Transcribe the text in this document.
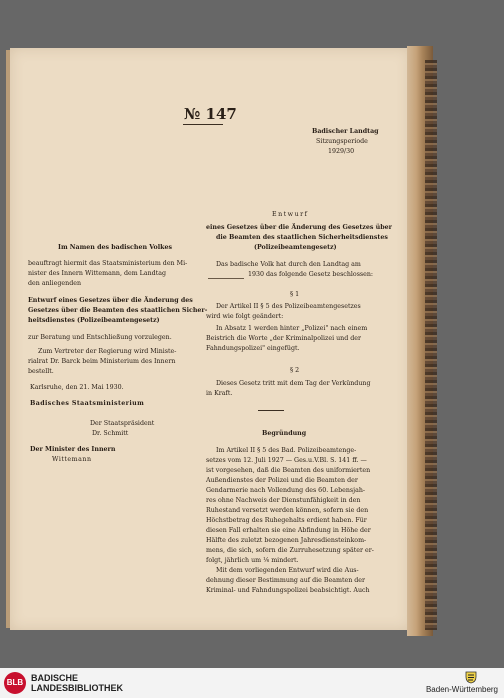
№ 147
Badischer Landtag
Sitzungsperiode
1929/30
Im Namen des badischen Volkes
beauftragt hiermit das Staatsministerium den Mi-
nister des Innern Wittemann, dem Landtag
den anliegenden
Entwurf eines Gesetzes über die Änderung des
Gesetzes über die Beamten des staatlichen Sicher-
heitsdienstes (Polizeibeamtengesetz)
zur Beratung und Entschließung vorzulegen.
Zum Vertreter der Regierung wird Ministe-
rialrat Dr. Barck beim Ministerium des Innern
bestellt.
Karlsruhe, den 21. Mai 1930.
Badisches Staatsministerium
Der Staatspräsident
Dr. Schmitt
Der Minister des Innern
Wittemann
Entwurf
eines Gesetzes über die Änderung des Gesetzes über
die Beamten des staatlichen Sicherheitsdienstes
(Polizeibeamtengesetz)
Das badische Volk hat durch den Landtag am
1930 das folgende Gesetz beschlossen:
§ 1
Der Artikel II § 5 des Polizeibeamtengesetzes
wird wie folgt geändert:
In Absatz 1 werden hinter „Polizei" nach einem
Beistrich die Worte „der Kriminalpolizei und der
Fahndungspolizei" eingefügt.
§ 2
Dieses Gesetz tritt mit dem Tag der Verkündung
in Kraft.
Begründung
Im Artikel II § 5 des Bad. Polizeibeamtenge-
setzes vom 12. Juli 1927 — Ges.u.V.Bl. S. 141 ff. —
ist vorgesehen, daß die Beamten des uniformierten
Außendienstes der Polizei und die Beamten der
Gendarmerie nach Vollendung des 60. Lebensjah-
res ohne Nachweis der Dienstunfähigkeit in den
Ruhestand versetzt werden können, sofern sie den
Höchstbetrag des Ruhegehalts erdient haben. Für
diesen Fall erhalten sie eine Abfindung in Höhe der
Hälfte des zuletzt bezogenen Jahresdiensteinkom-
mens, die sich, sofern die Zurruhesetzung später er-
folgt, jährlich um ⅙ mindert.
Mit dem vorliegenden Entwurf wird die Aus-
dehnung dieser Bestimmung auf die Beamten der
Kriminal- und Fahndungspolizei beabsichtigt. Auch
BLB BADISCHE
LANDESBIBLIOTHEK	Baden-Württemberg
